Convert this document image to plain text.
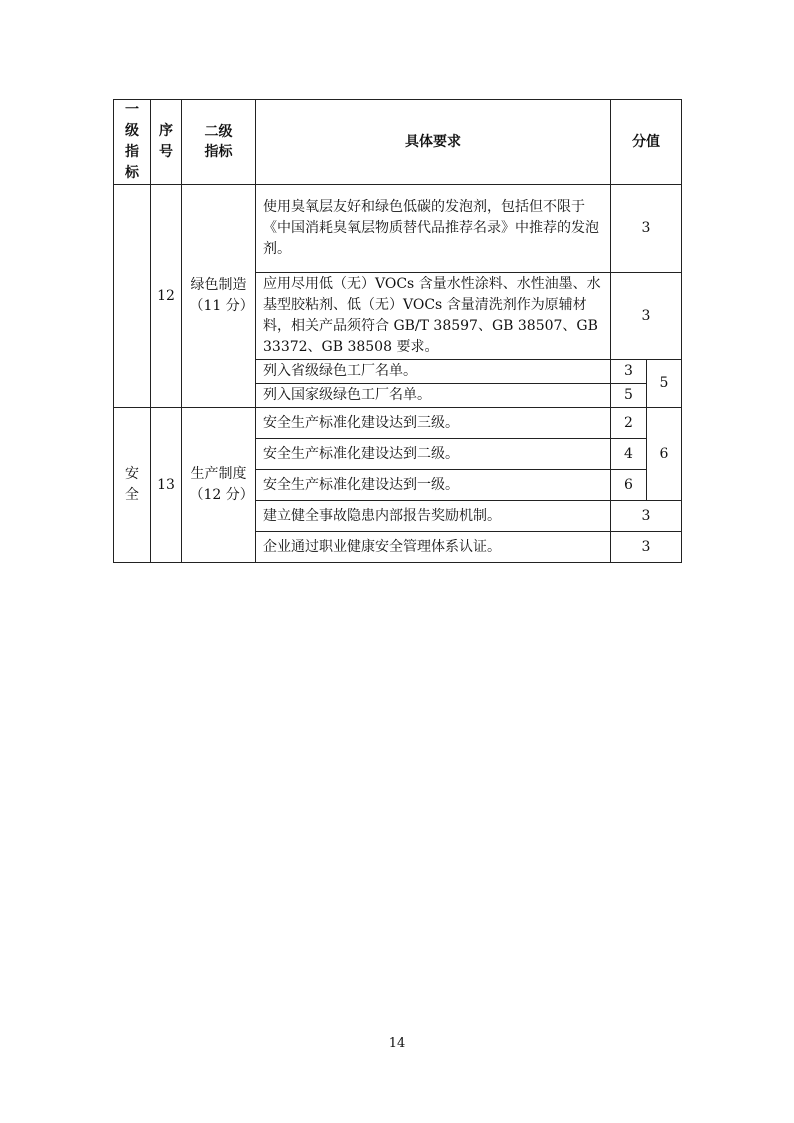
一级指标	序号	二级指标	具体要求	分值	
	12	绿色制造（11 分）	使用臭氧层友好和绿色低碳的发泡剂，包括但不限于《中国消耗臭氧层物质替代品推荐名录》中推荐的发泡剂。	3	
			应用尽用低（无）VOCs 含量水性涂料、水性油墨、水基型胶粘剂、低（无）VOCs 含量清洗剂作为原辅材料，相关产品须符合 GB/T 38597、GB 38507、GB 33372、GB 38508 要求。	3	
			列入省级绿色工厂名单。	3	5
			列入国家级绿色工厂名单。	5	
安全	13	生产制度（12 分）	安全生产标准化建设达到三级。	2	6
			安全生产标准化建设达到二级。	4	
			安全生产标准化建设达到一级。	6	
			建立健全事故隐患内部报告奖励机制。	3	
			企业通过职业健康安全管理体系认证。	3	
14
